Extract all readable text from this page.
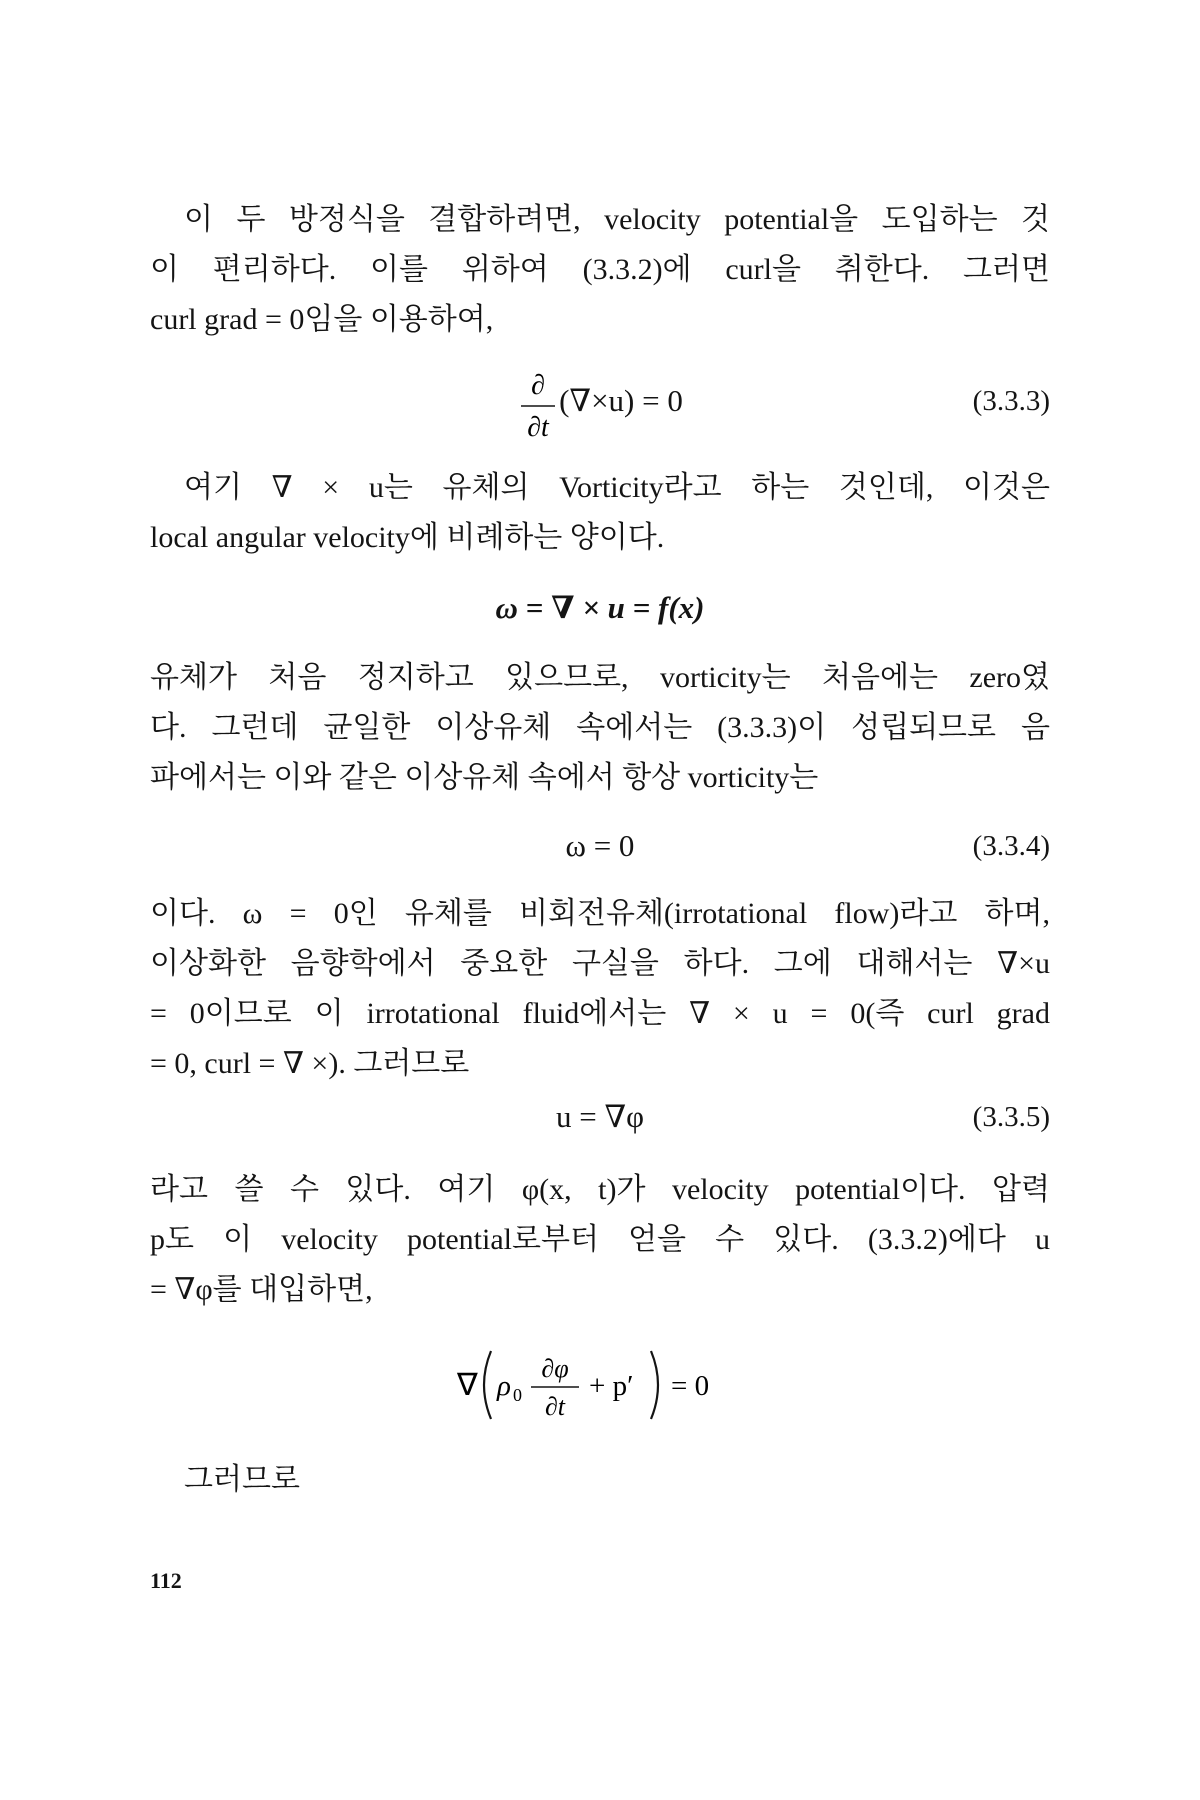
이 두 방정식을 결합하려면, velocity potential을 도입하는 것

이 편리하다. 이를 위하여 (3.3.2)에 curl을 취한다. 그러면
curl grad = 0임을 이용하여,

∂
∂t
(∇×u) = 0	(3.3.3)

여기 ∇ × u는 유체의 Vorticity라고 하는 것인데, 이것은

local angular velocity에 비례하는 양이다.

ω = ∇ × u = f(x)

유체가 처음 정지하고 있으므로, vorticity는 처음에는 zero였
다. 그런데 균일한 이상유체 속에서는 (3.3.3)이 성립되므로 음
파에서는 이와 같은 이상유체 속에서 항상 vorticity는

ω = 0	(3.3.4)

이다. ω = 0인 유체를 비회전유체(irrotational flow)라고 하며,
이상화한 음향학에서 중요한 구실을 하다. 그에 대해서는 ∇×u
= 0이므로 이 irrotational fluid에서는 ∇ × u = 0(즉 curl grad
= 0, curl = ∇ ×). 그러므로

u = ∇φ	(3.3.5)

라고 쓸 수 있다. 여기 φ(x, t)가 velocity potential이다. 압력
p도 이 velocity potential로부터 얻을 수 있다. (3.3.2)에다 u
= ∇φ를 대입하면,

∇ ρ 0
∂φ
∂t
+ p′ = 0

그러므로

112
